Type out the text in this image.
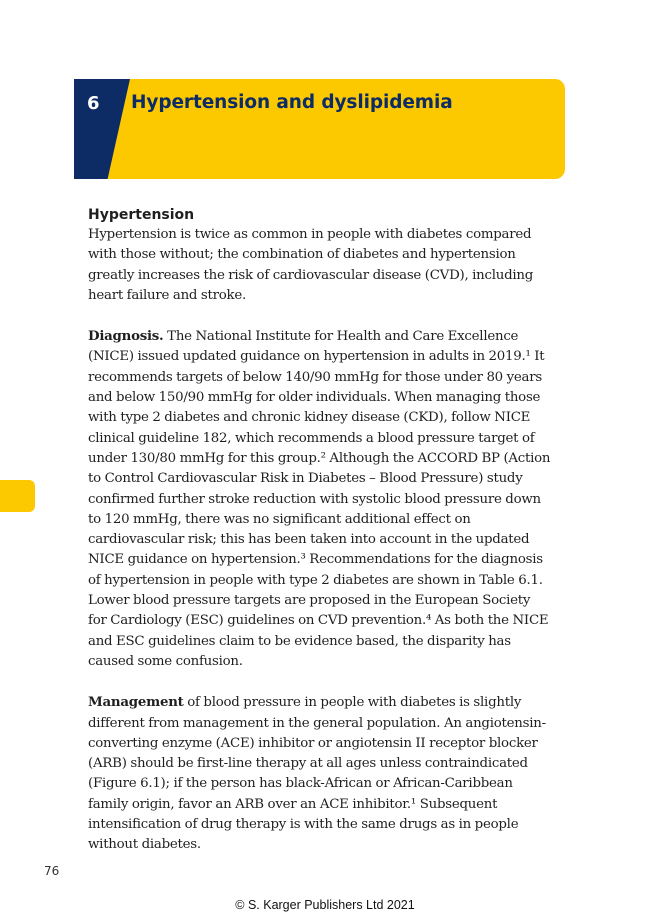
6 Hypertension and dyslipidemia
Hypertension

Hypertension is twice as common in people with diabetes compared with those without; the combination of diabetes and hypertension greatly increases the risk of cardiovascular disease (CVD), including heart failure and stroke.

Diagnosis. The National Institute for Health and Care Excellence (NICE) issued updated guidance on hypertension in adults in 2019.¹ It recommends targets of below 140/90 mmHg for those under 80 years and below 150/90 mmHg for older individuals. When managing those with type 2 diabetes and chronic kidney disease (CKD), follow NICE clinical guideline 182, which recommends a blood pressure target of under 130/80 mmHg for this group.² Although the ACCORD BP (Action to Control Cardiovascular Risk in Diabetes – Blood Pressure) study confirmed further stroke reduction with systolic blood pressure down to 120 mmHg, there was no significant additional effect on cardiovascular risk; this has been taken into account in the updated NICE guidance on hypertension.³ Recommendations for the diagnosis of hypertension in people with type 2 diabetes are shown in Table 6.1. Lower blood pressure targets are proposed in the European Society for Cardiology (ESC) guidelines on CVD prevention.⁴ As both the NICE and ESC guidelines claim to be evidence based, the disparity has caused some confusion.

Management of blood pressure in people with diabetes is slightly different from management in the general population. An angiotensin-converting enzyme (ACE) inhibitor or angiotensin II receptor blocker (ARB) should be first-line therapy at all ages unless contraindicated (Figure 6.1); if the person has black-African or African-Caribbean family origin, favor an ARB over an ACE inhibitor.¹ Subsequent intensification of drug therapy is with the same drugs as in people without diabetes.

76
© S. Karger Publishers Ltd 2021
